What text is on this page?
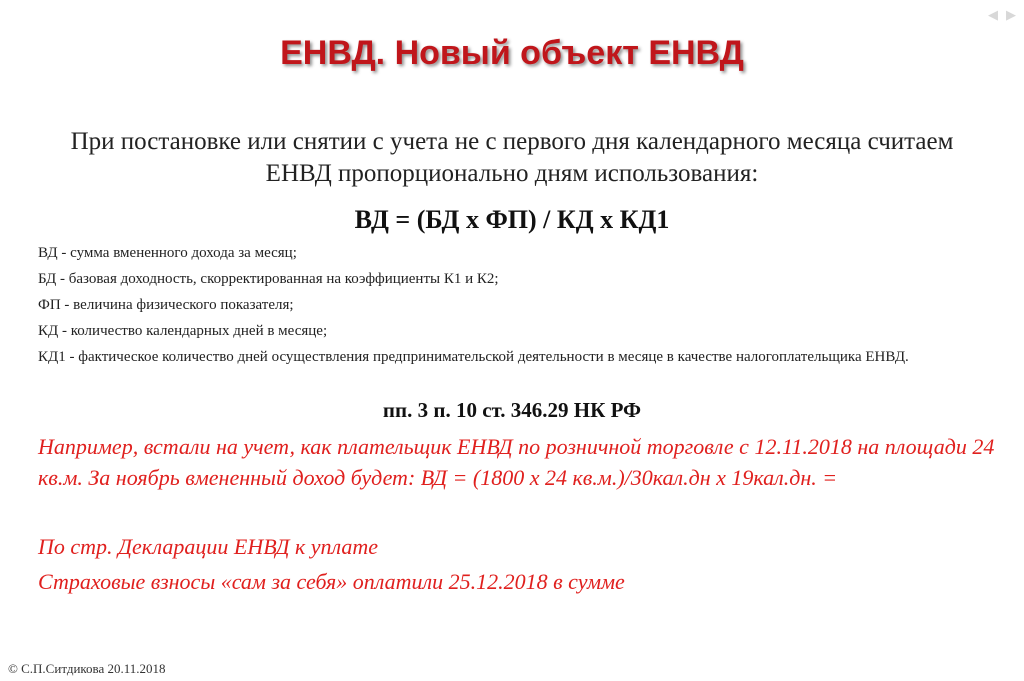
◀ ▶
ЕНВД. Новый объект ЕНВД
При постановке или снятии с учета не с первого дня календарного месяца считаем ЕНВД пропорционально дням использования:
ВД = (БД х ФП) / КД х КД1
ВД - сумма вмененного дохода за месяц;
БД - базовая доходность, скорректированная на коэффициенты К1 и К2;
ФП - величина физического показателя;
КД - количество календарных дней в месяце;
КД1 - фактическое количество дней осуществления предпринимательской деятельности в месяце в качестве налогоплательщика ЕНВД.
пп. 3 п. 10 ст. 346.29 НК РФ
Например, встали на учет, как плательщик ЕНВД по розничной торговле с 12.11.2018 на площади 24 кв.м. За ноябрь вмененный доход будет: ВД = (1800 х 24 кв.м.)/30кал.дн х 19кал.дн. =
По стр. Декларации ЕНВД к уплате
Страховые взносы «сам за себя» оплатили 25.12.2018 в сумме
© С.П.Ситдикова 20.11.2018
